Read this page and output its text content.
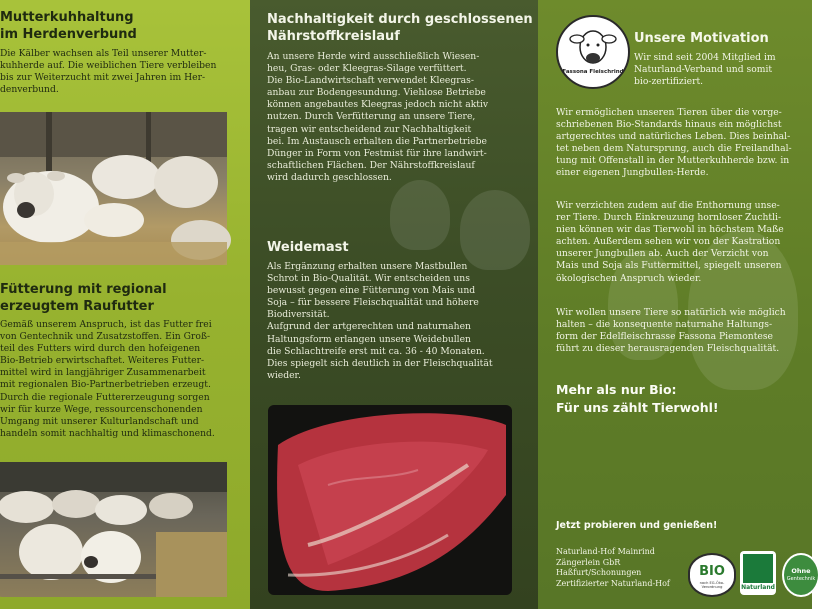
Mutterkuhhaltung
im Herdenverbund

Die Kälber wachsen als Teil unserer Mutter-
kuhherde auf. Die weiblichen Tiere verbleiben
bis zur Weiterzucht mit zwei Jahren im Her-
denverbund.

Fütterung mit regional
erzeugtem Raufutter

Gemäß unserem Anspruch, ist das Futter frei
von Gentechnik und Zusatzstoffen. Ein Groß-
teil des Futters wird durch den hofeigenen
Bio-Betrieb erwirtschaftet. Weiteres Futter-
mittel wird in langjähriger Zusammenarbeit
mit regionalen Bio-Partnerbetrieben erzeugt.
Durch die regionale Futtererzeugung sorgen
wir für kurze Wege, ressourcenschonenden
Umgang mit unserer Kulturlandschaft und
handeln somit nachhaltig und klimaschonend.

Nachhaltigkeit durch geschlossenen
Nährstoffkreislauf

An unsere Herde wird ausschließlich Wiesen-
heu, Gras- oder Kleegras-Silage verfüttert.
Die Bio-Landwirtschaft verwendet Kleegras-
anbau zur Bodengesundung. Viehlose Betriebe
können angebautes Kleegras jedoch nicht aktiv
nutzen. Durch Verfütterung an unsere Tiere,
tragen wir entscheidend zur Nachhaltigkeit
bei. Im Austausch erhalten die Partnerbetriebe
Dünger in Form von Festmist für ihre landwirt-
schaftlichen Flächen. Der Nährstoffkreislauf
wird dadurch geschlossen.

Weidemast

Als Ergänzung erhalten unsere Mastbullen
Schrot in Bio-Qualität. Wir entscheiden uns
bewusst gegen eine Fütterung von Mais und
Soja – für bessere Fleischqualität und höhere
Biodiversität.
Aufgrund der artgerechten und naturnahen
Haltungsform erlangen unsere Weidebullen
die Schlachtreife erst mit ca. 36 - 40 Monaten.
Dies spiegelt sich deutlich in der Fleischqualität
wieder.

Fassona Fleischrind
Unsere Motivation

Wir sind seit 2004 Mitglied im
Naturland-Verband und somit
bio-zertifiziert.

Wir ermöglichen unseren Tieren über die vorge-
schriebenen Bio-Standards hinaus ein möglichst
artgerechtes und natürliches Leben. Dies beinhal-
tet neben dem Natursprung, auch die Freilandhal-
tung mit Offenstall in der Mutterkuhherde bzw. in
einer eigenen Jungbullen-Herde.

Wir verzichten zudem auf die Enthornung unse-
rer Tiere. Durch Einkreuzung hornloser Zuchtli-
nien können wir das Tierwohl in höchstem Maße
achten. Außerdem sehen wir von der Kastration
unserer Jungbullen ab. Auch der Verzicht von
Mais und Soja als Futtermittel, spiegelt unseren
ökologischen Anspruch wieder.

Wir wollen unsere Tiere so natürlich wie möglich
halten – die konsequente naturnahe Haltungs-
form der Edelfleischrasse Fassona Piemontese
führt zu dieser herausragenden Fleischqualität.

Mehr als nur Bio:
Für uns zählt Tierwohl!
Jetzt probieren und genießen!

Naturland-Hof Mainrind
Zängerlein GbR
Haßfurt/Schonungen
Zertifizierter Naturland-Hof

BIO
nach EG-Öko-Verordnung	Naturland
Ohne
Gentechnik
